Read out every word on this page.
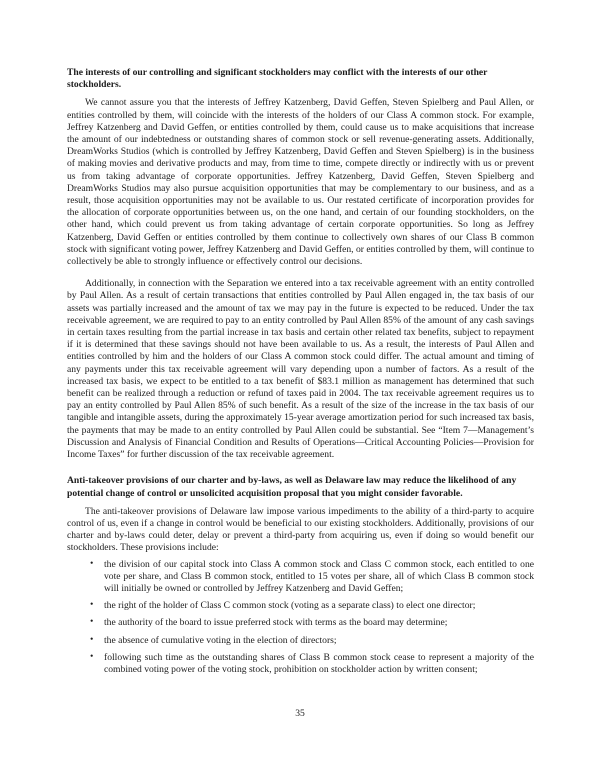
The interests of our controlling and significant stockholders may conflict with the interests of our other stockholders.

We cannot assure you that the interests of Jeffrey Katzenberg, David Geffen, Steven Spielberg and Paul Allen, or entities controlled by them, will coincide with the interests of the holders of our Class A common stock. For example, Jeffrey Katzenberg and David Geffen, or entities controlled by them, could cause us to make acquisitions that increase the amount of our indebtedness or outstanding shares of common stock or sell revenue-generating assets. Additionally, DreamWorks Studios (which is controlled by Jeffrey Katzenberg, David Geffen and Steven Spielberg) is in the business of making movies and derivative products and may, from time to time, compete directly or indirectly with us or prevent us from taking advantage of corporate opportunities. Jeffrey Katzenberg, David Geffen, Steven Spielberg and DreamWorks Studios may also pursue acquisition opportunities that may be complementary to our business, and as a result, those acquisition opportunities may not be available to us. Our restated certificate of incorporation provides for the allocation of corporate opportunities between us, on the one hand, and certain of our founding stockholders, on the other hand, which could prevent us from taking advantage of certain corporate opportunities. So long as Jeffrey Katzenberg, David Geffen or entities controlled by them continue to collectively own shares of our Class B common stock with significant voting power, Jeffrey Katzenberg and David Geffen, or entities controlled by them, will continue to collectively be able to strongly influence or effectively control our decisions.

Additionally, in connection with the Separation we entered into a tax receivable agreement with an entity controlled by Paul Allen. As a result of certain transactions that entities controlled by Paul Allen engaged in, the tax basis of our assets was partially increased and the amount of tax we may pay in the future is expected to be reduced. Under the tax receivable agreement, we are required to pay to an entity controlled by Paul Allen 85% of the amount of any cash savings in certain taxes resulting from the partial increase in tax basis and certain other related tax benefits, subject to repayment if it is determined that these savings should not have been available to us. As a result, the interests of Paul Allen and entities controlled by him and the holders of our Class A common stock could differ. The actual amount and timing of any payments under this tax receivable agreement will vary depending upon a number of factors. As a result of the increased tax basis, we expect to be entitled to a tax benefit of $83.1 million as management has determined that such benefit can be realized through a reduction or refund of taxes paid in 2004. The tax receivable agreement requires us to pay an entity controlled by Paul Allen 85% of such benefit. As a result of the size of the increase in the tax basis of our tangible and intangible assets, during the approximately 15-year average amortization period for such increased tax basis, the payments that may be made to an entity controlled by Paul Allen could be substantial. See “Item 7—Management’s Discussion and Analysis of Financial Condition and Results of Operations—Critical Accounting Policies—Provision for Income Taxes” for further discussion of the tax receivable agreement.

Anti-takeover provisions of our charter and by-laws, as well as Delaware law may reduce the likelihood of any potential change of control or unsolicited acquisition proposal that you might consider favorable.

The anti-takeover provisions of Delaware law impose various impediments to the ability of a third-party to acquire control of us, even if a change in control would be beneficial to our existing stockholders. Additionally, provisions of our charter and by-laws could deter, delay or prevent a third-party from acquiring us, even if doing so would benefit our stockholders. These provisions include:

• the division of our capital stock into Class A common stock and Class C common stock, each entitled to one vote per share, and Class B common stock, entitled to 15 votes per share, all of which Class B common stock will initially be owned or controlled by Jeffrey Katzenberg and David Geffen;
• the right of the holder of Class C common stock (voting as a separate class) to elect one director;
• the authority of the board to issue preferred stock with terms as the board may determine;
• the absence of cumulative voting in the election of directors;
• following such time as the outstanding shares of Class B common stock cease to represent a majority of the combined voting power of the voting stock, prohibition on stockholder action by written consent;
35
